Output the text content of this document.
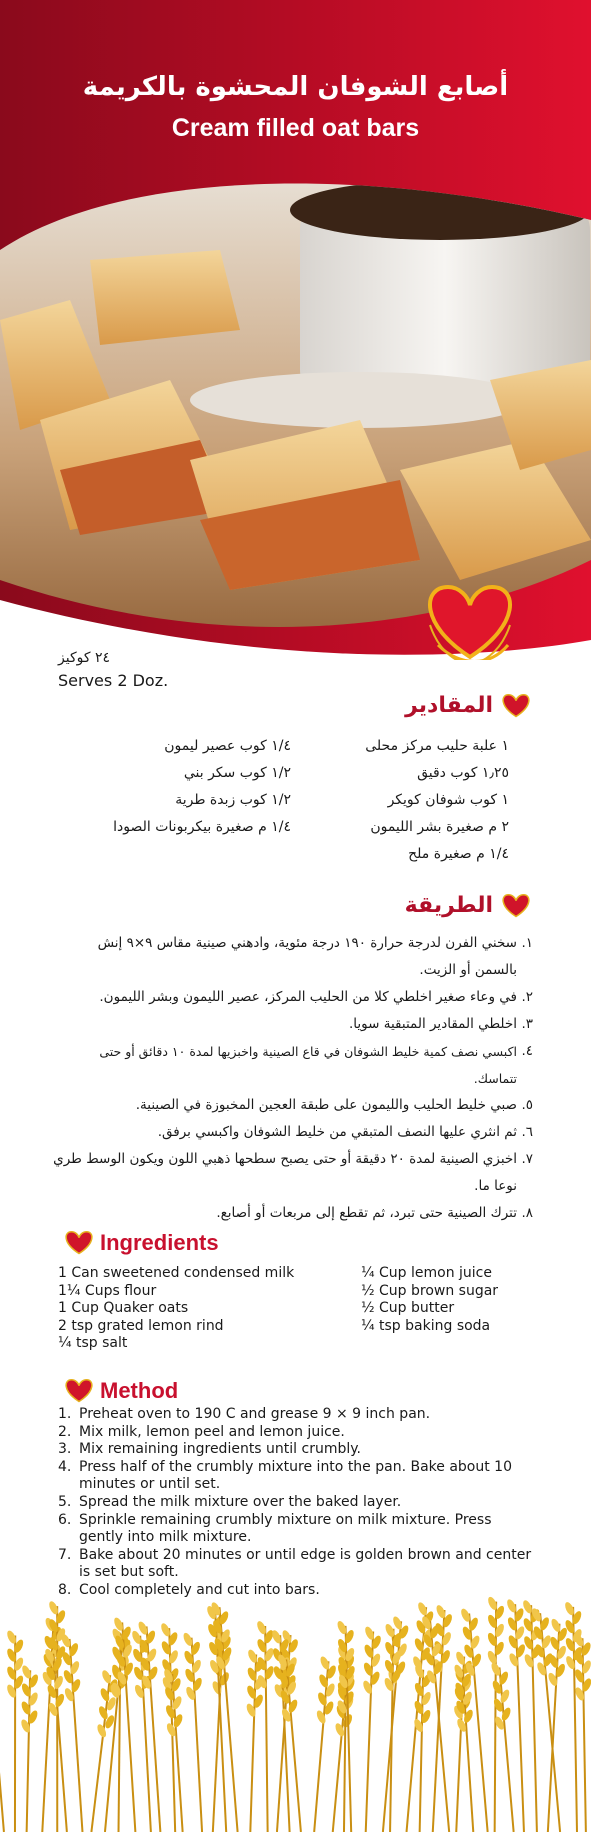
أصابع الشوفان المحشوة بالكريمة
Cream filled oat bars
٢٤ كوكيز
Serves 2 Doz.
المقادير
١ علبة حليب مركز محلى
١٫٢٥ كوب دقيق
١ كوب شوفان كويكر
٢ م صغيرة بشر الليمون
١/٤ م صغيرة ملح
١/٤ كوب عصير ليمون
١/٢ كوب سكر بني
١/٢ كوب زبدة طرية
١/٤ م صغيرة بيكربونات الصودا
الطريقة
١.
سخني الفرن لدرجة حرارة ١٩٠ درجة مئوية، وادهني صينية مقاس ٩×٩ إنش بالسمن أو الزيت.
٢.
في وعاء صغير اخلطي كلا من الحليب المركز، عصير الليمون وبشر الليمون.
٣.
اخلطي المقادير المتبقية سويا.
٤.
اكبسي نصف كمية خليط الشوفان في قاع الصينية واخبزيها لمدة ١٠ دقائق أو حتى تتماسك.
٥.
صبي خليط الحليب والليمون على طبقة العجين المخبوزة في الصينية.
٦.
ثم انثري عليها النصف المتبقي من خليط الشوفان واكبسي برفق.
٧.
اخبزي الصينية لمدة ٢٠ دقيقة أو حتى يصبح سطحها ذهبي اللون ويكون الوسط طري نوعا ما.
٨.
تترك الصينية حتى تبرد، ثم تقطع إلى مربعات أو أصابع.
Ingredients
1 Can sweetened condensed milk
1¼ Cups flour
1 Cup Quaker oats
2 tsp grated lemon rind
¼ tsp salt
¼ Cup lemon juice
½ Cup brown sugar
½ Cup butter
¼ tsp baking soda
Method
1. Preheat oven to 190 C and grease 9 × 9 inch pan.
2. Mix milk, lemon peel and lemon juice.
3. Mix remaining ingredients until crumbly.
4. Press half of the crumbly mixture into the pan. Bake about 10 minutes or until set.
5. Spread the milk mixture over the baked layer.
6. Sprinkle remaining crumbly mixture on milk mixture. Press gently into milk mixture.
7. Bake about 20 minutes or until edge is golden brown and center is set but soft.
8. Cool completely and cut into bars.
